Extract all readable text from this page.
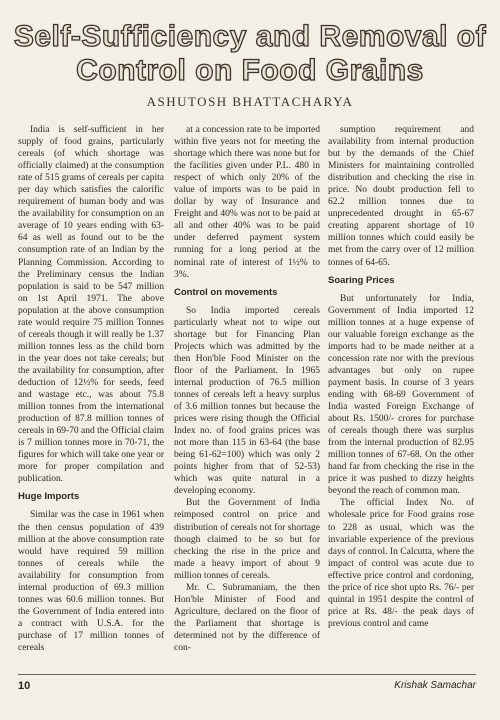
Self-Sufficiency and Removal of
Control on Food Grains
ASHUTOSH BHATTACHARYA

India is self-sufficient in her supply of food grains, particularly cereals (of which shortage was officially claimed) at the consumption rate of 515 grams of cereals per capita per day which satisfies the calorific requirement of human body and was the availability for consumption on an average of 10 years ending with 63-64 as well as found out to be the consumption rate of an Indian by the Planning Commission. According to the Preliminary census the Indian population is said to be 547 million on 1st April 1971. The above population at the above consumption rate would require 75 million Tonnes of cereals though it will really be 1.37 million tonnes less as the child born in the year does not take cereals; but the availability for consumption, after deduction of 12½% for seeds, feed and wastage etc., was about 75.8 million tonnes from the international production of 87.8 million tonnes of cereals in 69-70 and the Official claim is 7 million tonnes more in 70-71, the figures for which will take one year or more for proper compilation and publication.

Huge Imports

Similar was the case in 1961 when the then census population of 439 million at the above consumption rate would have required 59 million tonnes of cereals while the availability for consumption from internal production of 69.3 million tonnes was 60.6 million tonnes. But the Government of India entered into a contract with U.S.A. for the purchase of 17 million tonnes of cereals

at a concession rate to be imported within five years not for meeting the shortage which there was none but for the facilities given under P.L. 480 in respect of which only 20% of the value of imports was to be paid in dollar by way of Insurance and Freight and 40% was not to be paid at all and other 40% was to be paid under deferred payment system running for a long period at the nominal rate of interest of 1½% to 3%.

Control on movements

So India imported cereals particularly wheat not to wipe out shortage but for Financing Plan Projects which was admitted by the then Hon'ble Food Minister on the floor of the Parliament. In 1965 internal production of 76.5 million tonnes of cereals left a heavy surplus of 3.6 million tonnes but because the prices were rising though the Official Index no. of food grains prices was not more than 115 in 63-64 (the base being 61-62=100) which was only 2 points higher from that of 52-53) which was quite natural in a developing economy.

But the Government of India reimposed control on price and distribution of cereals not for shortage though claimed to be so but for checking the rise in the price and made a heavy import of about 9 million tonnes of cereals.

Mr. C. Subramaniam, the then Hon'ble Minister of Food and Agriculture, declared on the floor of the Parliament that shortage is determined not by the difference of con-

sumption requirement and availability from internal production but by the demands of the Chief Ministers for maintaining controlled distribution and checking the rise in price. No doubt production fell to 62.2 million tonnes due to unprecedented drought in 65-67 creating apparent shortage of 10 million tonnes which could easily be met from the carry over of 12 million tonnes of 64-65.

Soaring Prices

But unfortunately for India, Government of India imported 12 million tonnes at a huge expense of our valuable foreign exchange as the imports had to be made neither at a concession rate nor with the previous advantages but only on rupee payment basis. In course of 3 years ending with 68-69 Government of India wasted Foreign Exchange of about Rs. 1500/- crores for purchase of cereals though there was surplus from the internal production of 82.95 million tonnes of 67-68. On the other hand far from checking the rise in the price it was pushed to dizzy heights beyond the reach of common man.

The official Index No. of wholesale price for Food grains rose to 228 as usual, which was the invariable experience of the previous days of control. In Calcutta, where the impact of control was acute due to effective price control and cordoning, the price of rice shot upto Rs. 76/- per quintal in 1951 despite the control of price at Rs. 48/- the peak days of previous control and came

10	Krishak Samachar
